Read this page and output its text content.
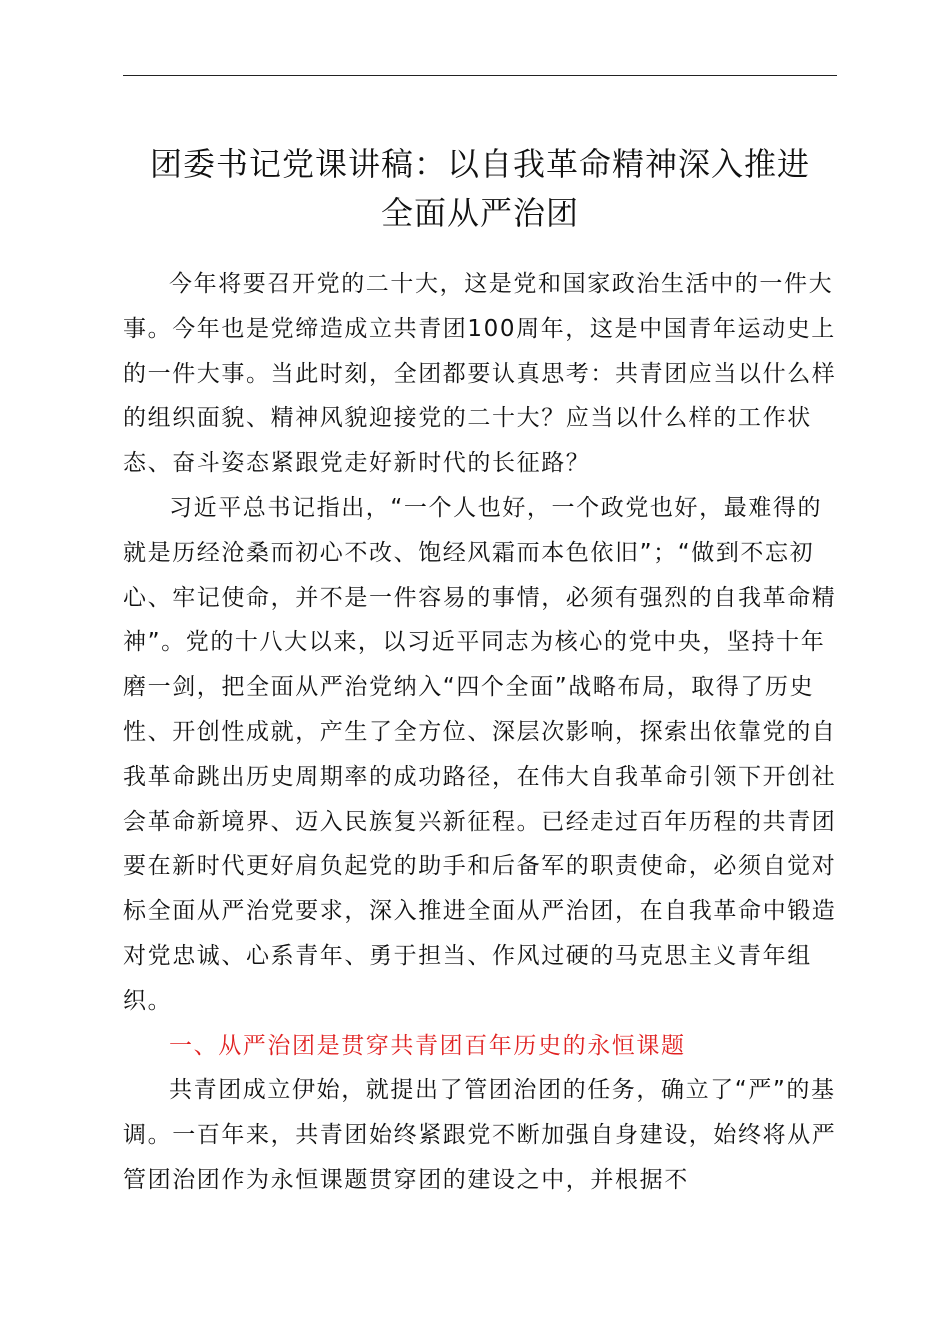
团委书记党课讲稿：以自我革命精神深入推进
全面从严治团

今年将要召开党的二十大，这是党和国家政治生活中的一件大事。今年也是党缔造成立共青团100周年，这是中国青年运动史上的一件大事。当此时刻，全团都要认真思考：共青团应当以什么样的组织面貌、精神风貌迎接党的二十大？应当以什么样的工作状态、奋斗姿态紧跟党走好新时代的长征路？

习近平总书记指出，“一个人也好，一个政党也好，最难得的就是历经沧桑而初心不改、饱经风霜而本色依旧”；“做到不忘初心、牢记使命，并不是一件容易的事情，必须有强烈的自我革命精神”。党的十八大以来，以习近平同志为核心的党中央，坚持十年磨一剑，把全面从严治党纳入“四个全面”战略布局，取得了历史性、开创性成就，产生了全方位、深层次影响，探索出依靠党的自我革命跳出历史周期率的成功路径，在伟大自我革命引领下开创社会革命新境界、迈入民族复兴新征程。已经走过百年历程的共青团要在新时代更好肩负起党的助手和后备军的职责使命，必须自觉对标全面从严治党要求，深入推进全面从严治团，在自我革命中锻造对党忠诚、心系青年、勇于担当、作风过硬的马克思主义青年组织。

一、从严治团是贯穿共青团百年历史的永恒课题

共青团成立伊始，就提出了管团治团的任务，确立了“严”的基调。一百年来，共青团始终紧跟党不断加强自身建设，始终将从严管团治团作为永恒课题贯穿团的建设之中，并根据不
